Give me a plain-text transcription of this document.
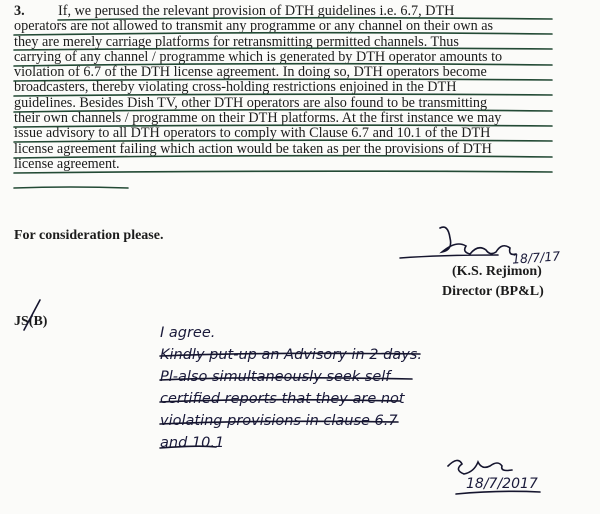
3. If, we perused the relevant provision of DTH guidelines i.e. 6.7, DTH
operators are not allowed to transmit any programme or any channel on their own as
they are merely carriage platforms for retransmitting permitted channels. Thus
carrying of any channel / programme which is generated by DTH operator amounts to
violation of 6.7 of the DTH license agreement. In doing so, DTH operators become
broadcasters, thereby violating cross-holding restrictions enjoined in the DTH
guidelines. Besides Dish TV, other DTH operators are also found to be transmitting
their own channels / programme on their DTH platforms. At the first instance we may
issue advisory to all DTH operators to comply with Clause 6.7 and 10.1 of the DTH
license agreement failing which action would be taken as per the provisions of DTH
license agreement.
For consideration please.
18/7/17
(K.S. Rejimon)
Director (BP&L)
JS(B)
I agree.
Kindly put-up an Advisory in 2 days.
Pl-also simultaneously seek self
certified reports that they are not
violating provisions in clause 6.7
and 10.1
18/7/2017
